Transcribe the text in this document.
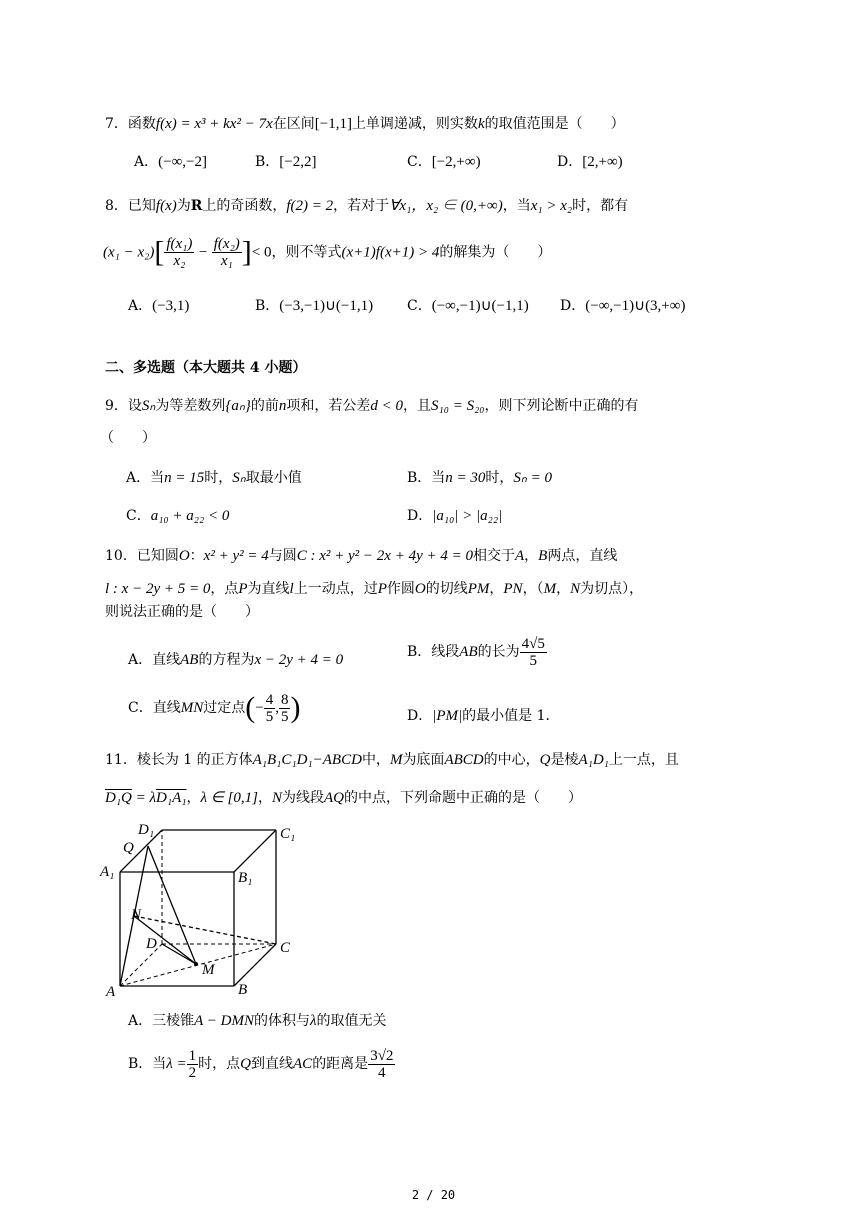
7．函数f(x) = x³ + kx² − 7x在区间[−1,1]上单调递减，则实数k的取值范围是（　　）
A．(−∞,−2]	B．[−2,2]	C．[−2,+∞)	D．[2,+∞)
8．已知f(x)为R上的奇函数，f(2) = 2，若对于∀x₁，x₂ ∈ (0,+∞)，当x₁ > x₂时，都有
$(x_1 - x_2)[ \frac{\text{f(x₁)}}{\text{x₂}} - \frac{\text{f(x₂)}}{\text{x₁}}$ ]< 0，则不等式(x+1)f(x+1) > 4的解集为（　　）
A．(−3,1)	B．(−3,−1)∪(−1,1) C．(−∞,−1)∪(−1,1) D．(−∞,−1)∪(3,+∞)
二、多选题（本大题共 4 小题）
9．设Sₙ为等差数列{aₙ}的前n项和，若公差d < 0，且S₁₀ = S₂₀，则下列论断中正确的有
（　　）
A．当n = 15时，Sₙ取最小值	B．当n = 30时，Sₙ = 0
C．a₁₀ + a₂₂ < 0	D．|a₁₀| > |a₂₂|
10．已知圆O：x² + y² = 4与圆C : x² + y² − 2x + 4y + 4 = 0相交于A，B两点，直线
l : x − 2y + 5 = 0，点P为直线l上一动点，过P作圆O的切线PM，PN，（M，N为切点），
则说法正确的是（　　）
A．直线AB的方程为x − 2y + 4 = 0	B．线段AB的长为 $\frac{4√5}{5}$
C．直线MN过定点(− $\frac{4}{5}$ , $\frac{8}{5}$ )	D．|PM|的最小值是 1．
11．棱长为 1 的正方体A₁B₁C₁D₁−ABCD中，M为底面ABCD的中心，Q是棱A₁D₁上一点，且
D₁Q = λD₁A₁，λ ∈ [0,1]，N为线段AQ的中点，下列命题中正确的是（　　）
D₁	C₁
Q
A₁	B₁
N
D	C
M
A	B
A．三棱锥A − DMN的体积与λ的取值无关
B．当$\lambda = \frac{1}{2}$ 时，点Q到直线AC的距离是 $\frac{3√2}{4}$
2 / 20
